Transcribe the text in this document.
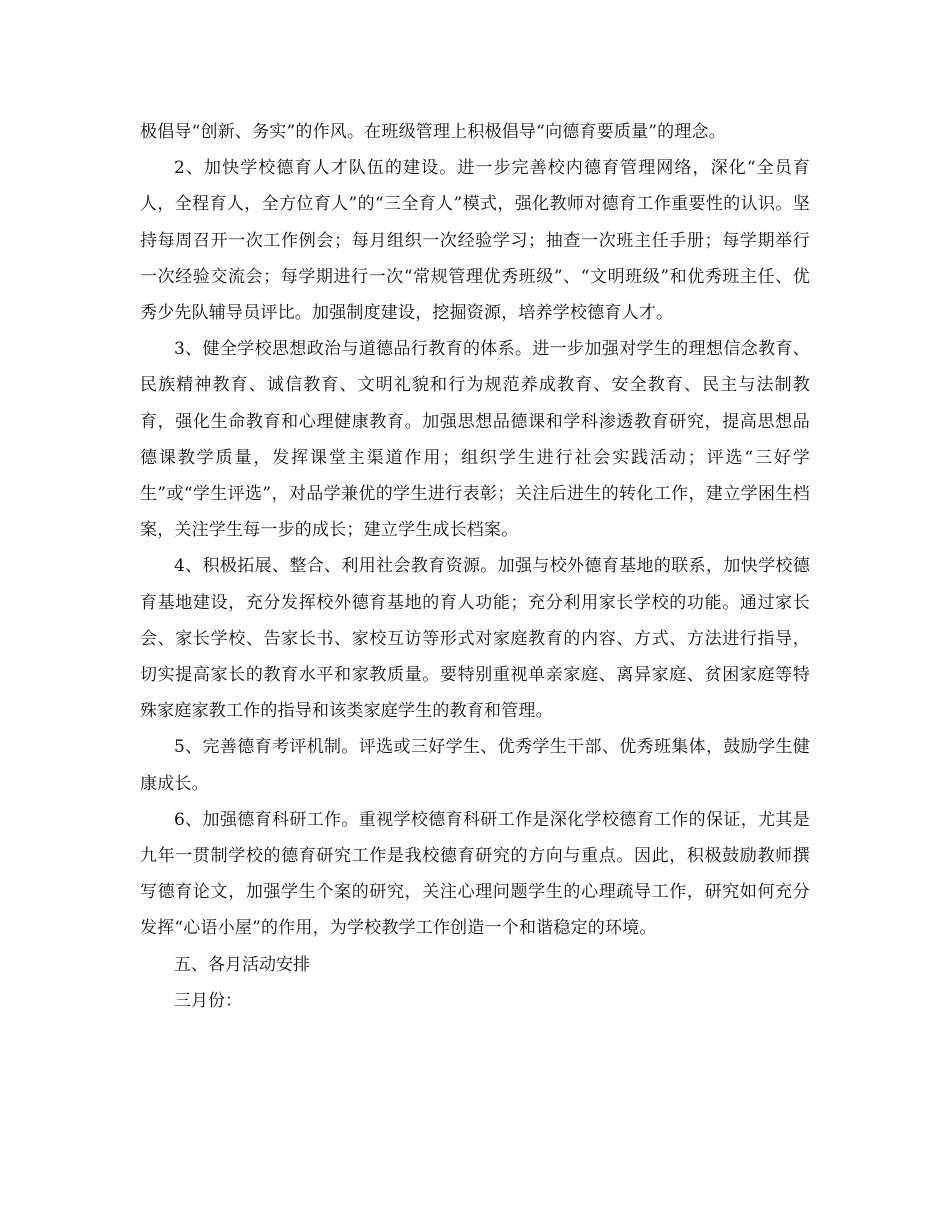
极倡导“创新、务实”的作风。在班级管理上积极倡导“向德育要质量”的理念。

2、加快学校德育人才队伍的建设。进一步完善校内德育管理网络，深化“全员育人，全程育人，全方位育人”的“三全育人”模式，强化教师对德育工作重要性的认识。坚持每周召开一次工作例会；每月组织一次经验学习；抽查一次班主任手册；每学期举行一次经验交流会；每学期进行一次“常规管理优秀班级”、“文明班级”和优秀班主任、优秀少先队辅导员评比。加强制度建设，挖掘资源，培养学校德育人才。

3、健全学校思想政治与道德品行教育的体系。进一步加强对学生的理想信念教育、民族精神教育、诚信教育、文明礼貌和行为规范养成教育、安全教育、民主与法制教育，强化生命教育和心理健康教育。加强思想品德课和学科渗透教育研究，提高思想品德课教学质量，发挥课堂主渠道作用；组织学生进行社会实践活动；评选“三好学生”或“学生评选”，对品学兼优的学生进行表彰；关注后进生的转化工作，建立学困生档案，关注学生每一步的成长；建立学生成长档案。

4、积极拓展、整合、利用社会教育资源。加强与校外德育基地的联系，加快学校德育基地建设，充分发挥校外德育基地的育人功能；充分利用家长学校的功能。通过家长会、家长学校、告家长书、家校互访等形式对家庭教育的内容、方式、方法进行指导，切实提高家长的教育水平和家教质量。要特别重视单亲家庭、离异家庭、贫困家庭等特殊家庭家教工作的指导和该类家庭学生的教育和管理。

5、完善德育考评机制。评选或三好学生、优秀学生干部、优秀班集体，鼓励学生健康成长。

6、加强德育科研工作。重视学校德育科研工作是深化学校德育工作的保证，尤其是九年一贯制学校的德育研究工作是我校德育研究的方向与重点。因此，积极鼓励教师撰写德育论文，加强学生个案的研究，关注心理问题学生的心理疏导工作，研究如何充分发挥“心语小屋”的作用，为学校教学工作创造一个和谐稳定的环境。

五、各月活动安排

三月份：
